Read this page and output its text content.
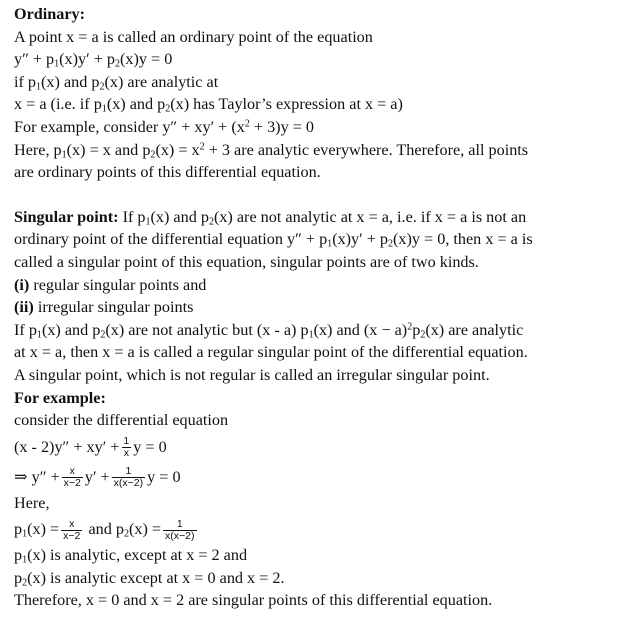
Ordinary:
A point x = a is called an ordinary point of the equation
$y'' + p_1(x)y' + p_2(x)y = 0$
if $p_1(x)$ and $p_2(x)$ are analytic at
x = a (i.e. if $p_1(x)$ and $p_2(x)$ has Taylor’s expression at x = a)
For example, consider $y'' + xy' + (x^2 + 3)y = 0$
Here, $p_1(x) = x$ and $p_2(x) = x^2 + 3$ are analytic everywhere. Therefore, all points
are ordinary points of this differential equation.
Singular point: If $p_1(x)$ and $p_2(x)$ are not analytic at x = a, i.e. if x = a is not an
ordinary point of the differential equation $y'' + p_1(x)y' + p_2(x)y = 0$, then x = a is
called a singular point of this equation, singular points are of two kinds.
(i) regular singular points and
(ii) irregular singular points
If $p_1(x)$ and $p_2(x)$ are not analytic but (x - a) $p_1(x)$ and $(x - a)^2p_2(x)$ are analytic
at x = a, then x = a is called a regular singular point of the differential equation.
A singular point, which is not regular is called an irregular singular point.
For example:
consider the differential equation
$(x - 2)y'' + xy' + \frac{1}{x}$ y = 0
⇒ $y'' + \frac{x}{x-2} y' + \frac{1}{x(x-2)}$ y = 0
Here,
$p_1(x) = \frac{x}{x-2}$ and $p_2(x) = \frac{1}{x(x-2)}$
$p_1(x)$ is analytic, except at x = 2 and
$p_2(x)$ is analytic except at x = 0 and x = 2.
Therefore, x = 0 and x = 2 are singular points of this differential equation.
